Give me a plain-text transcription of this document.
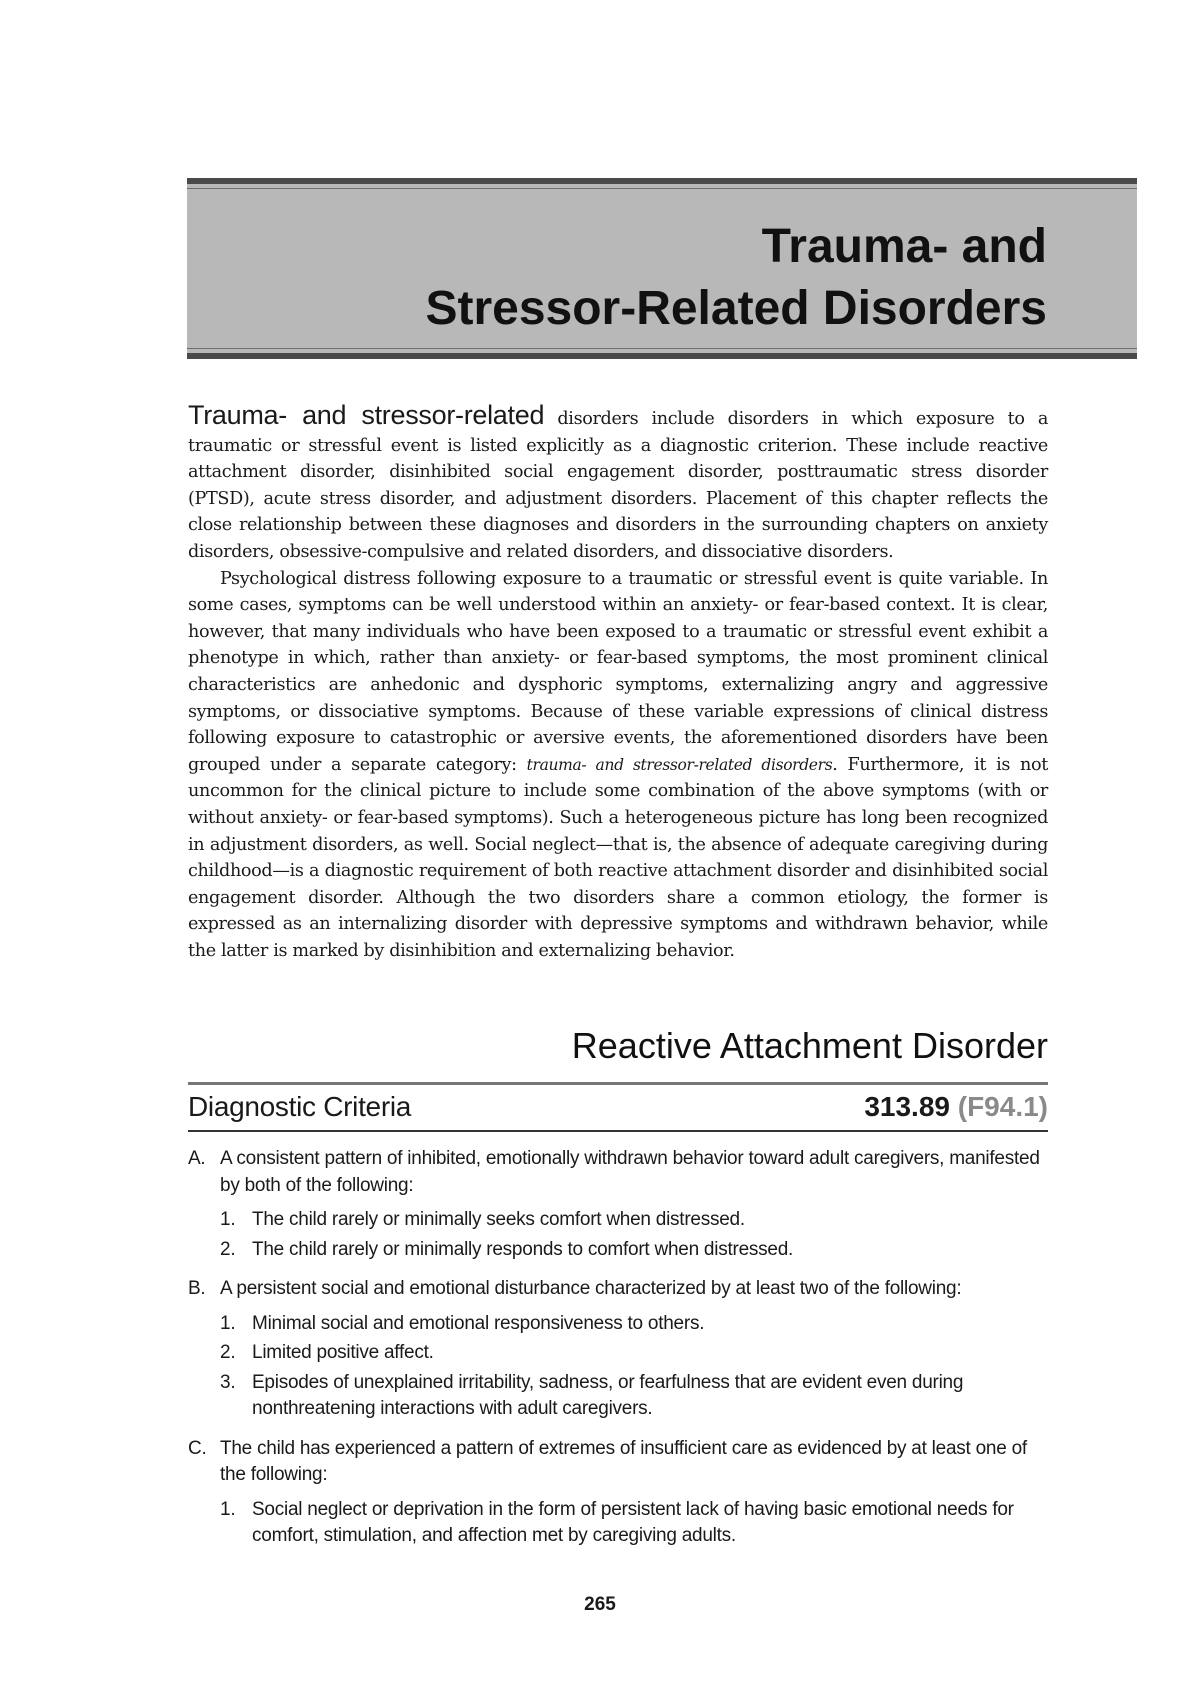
Trauma- and
Stressor-Related Disorders

Trauma- and stressor-related disorders include disorders in which exposure to a traumatic or stressful event is listed explicitly as a diagnostic criterion. These include reactive attachment disorder, disinhibited social engagement disorder, posttraumatic stress disorder (PTSD), acute stress disorder, and adjustment disorders. Placement of this chapter reflects the close relationship between these diagnoses and disorders in the surrounding chapters on anxiety disorders, obsessive-compulsive and related disorders, and dissociative disorders.

Psychological distress following exposure to a traumatic or stressful event is quite variable. In some cases, symptoms can be well understood within an anxiety- or fear-based context. It is clear, however, that many individuals who have been exposed to a traumatic or stressful event exhibit a phenotype in which, rather than anxiety- or fear-based symptoms, the most prominent clinical characteristics are anhedonic and dysphoric symptoms, externalizing angry and aggressive symptoms, or dissociative symptoms. Because of these variable expressions of clinical distress following exposure to catastrophic or aversive events, the aforementioned disorders have been grouped under a separate category: trauma- and stressor-related disorders. Furthermore, it is not uncommon for the clinical picture to include some combination of the above symptoms (with or without anxiety- or fear-based symptoms). Such a heterogeneous picture has long been recognized in adjustment disorders, as well. Social neglect—that is, the absence of adequate caregiving during childhood—is a diagnostic requirement of both reactive attachment disorder and disinhibited social engagement disorder. Although the two disorders share a common etiology, the former is expressed as an internalizing disorder with depressive symptoms and withdrawn behavior, while the latter is marked by disinhibition and externalizing behavior.

Reactive Attachment Disorder
Diagnostic Criteria	313.89 (F94.1)
A. A consistent pattern of inhibited, emotionally withdrawn behavior toward adult caregivers, manifested by both of the following:
1. The child rarely or minimally seeks comfort when distressed.
2. The child rarely or minimally responds to comfort when distressed.
B. A persistent social and emotional disturbance characterized by at least two of the following:
1. Minimal social and emotional responsiveness to others.
2. Limited positive affect.
3. Episodes of unexplained irritability, sadness, or fearfulness that are evident even during nonthreatening interactions with adult caregivers.
C. The child has experienced a pattern of extremes of insufficient care as evidenced by at least one of the following:
1. Social neglect or deprivation in the form of persistent lack of having basic emotional needs for comfort, stimulation, and affection met by caregiving adults.
265
